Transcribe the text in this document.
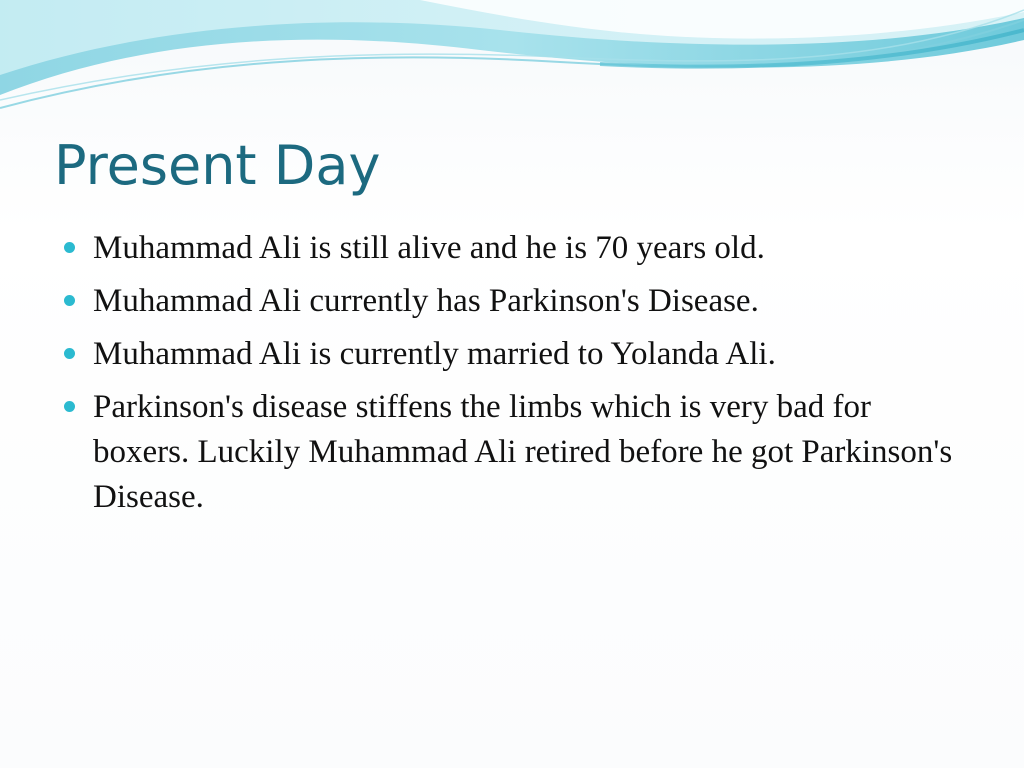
Present Day
Muhammad Ali is still alive and he is 70 years old.
Muhammad Ali currently has Parkinson's Disease.
Muhammad Ali is currently married to Yolanda Ali.
Parkinson's disease stiffens the limbs which is very bad for boxers. Luckily Muhammad Ali retired before he got Parkinson's Disease.
